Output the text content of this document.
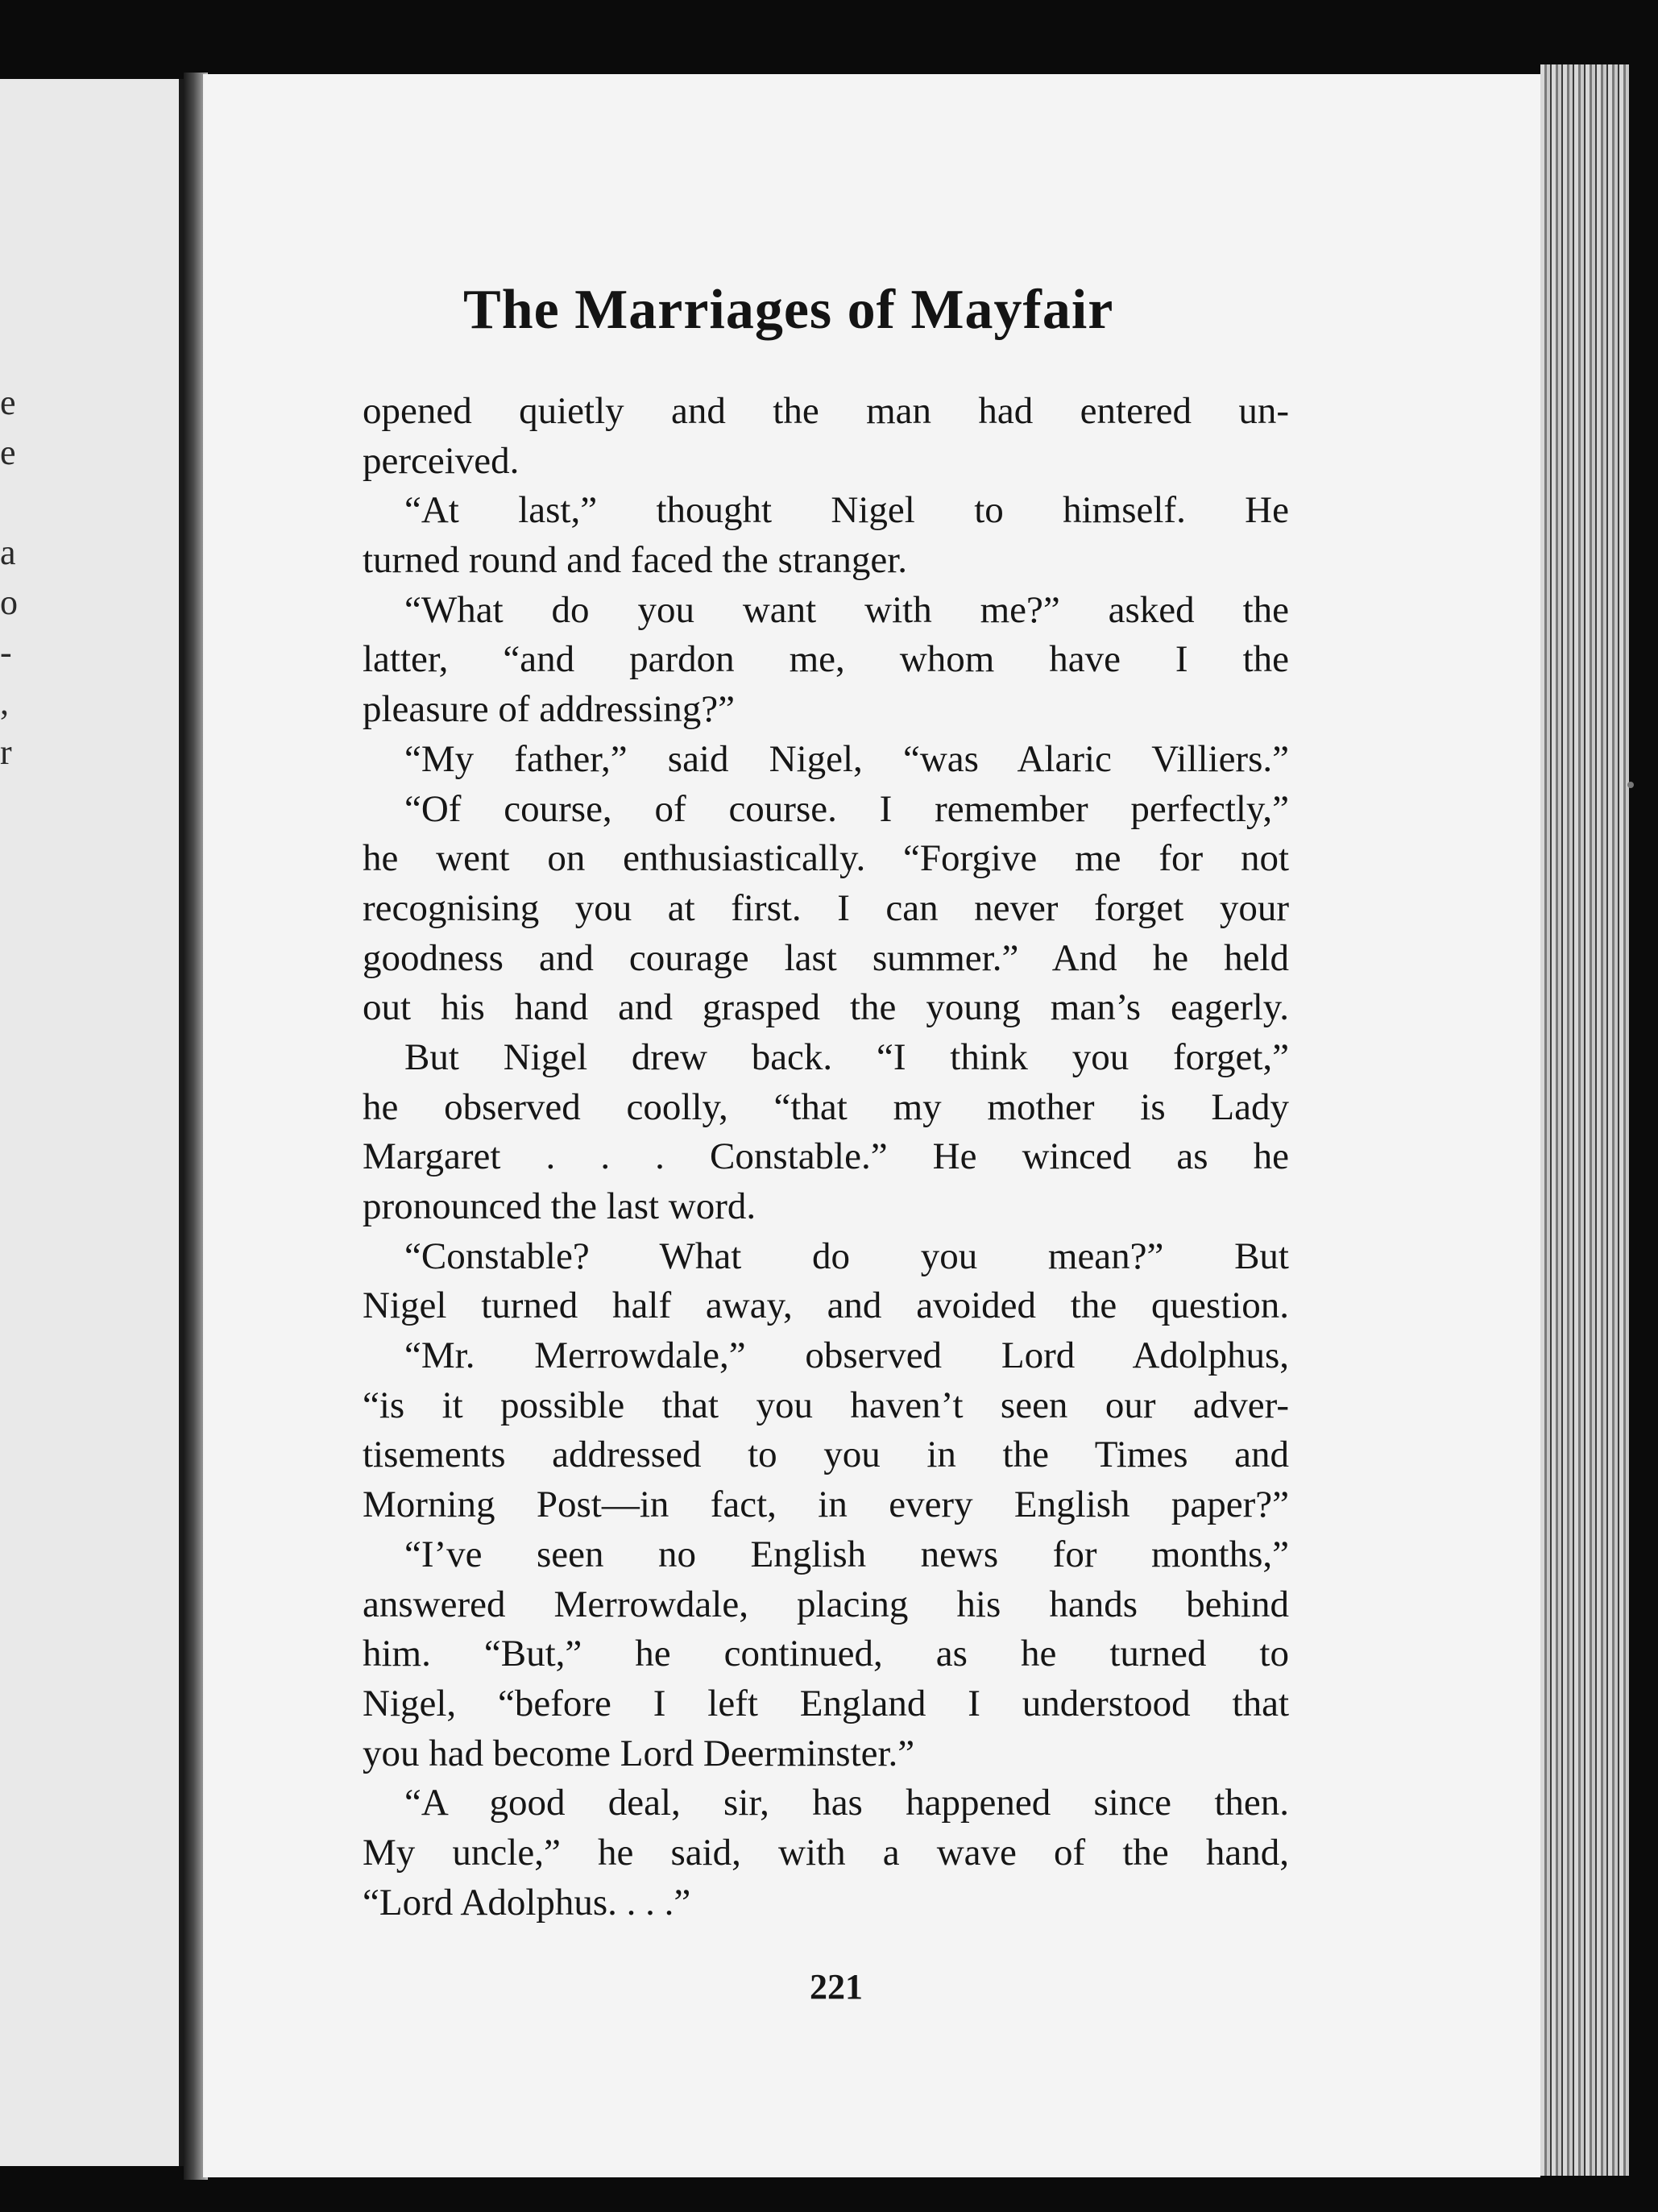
e
e
a
o
-
,
r
The Marriages of Mayfair
opened quietly and the man had entered un-
perceived.
“At last,” thought Nigel to himself. He
turned round and faced the stranger.
“What do you want with me?” asked the
latter, “and pardon me, whom have I the
pleasure of addressing?”
“My father,” said Nigel, “was Alaric Villiers.”
“Of course, of course. I remember perfectly,”
he went on enthusiastically. “Forgive me for not
recognising you at first. I can never forget your
goodness and courage last summer.” And he held
out his hand and grasped the young man’s eagerly.
But Nigel drew back. “I think you forget,”
he observed coolly, “that my mother is Lady
Margaret . . . Constable.” He winced as he
pronounced the last word.
“Constable? What do you mean?” But
Nigel turned half away, and avoided the question.
“Mr. Merrowdale,” observed Lord Adolphus,
“is it possible that you haven’t seen our adver-
tisements addressed to you in the Times and
Morning Post—in fact, in every English paper?”
“I’ve seen no English news for months,”
answered Merrowdale, placing his hands behind
him. “But,” he continued, as he turned to
Nigel, “before I left England I understood that
you had become Lord Deerminster.”
“A good deal, sir, has happened since then.
My uncle,” he said, with a wave of the hand,
“Lord Adolphus. . . .”
221
